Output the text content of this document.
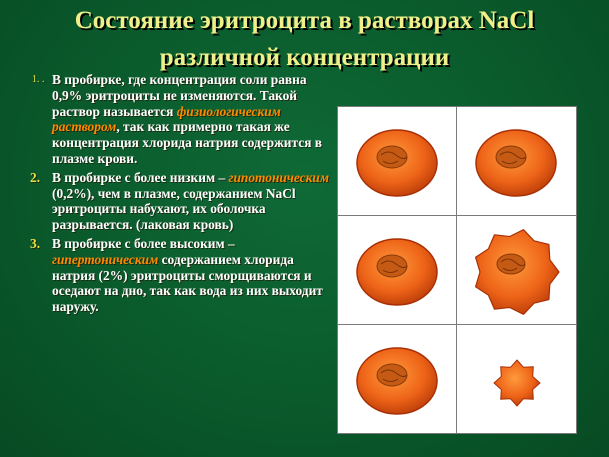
Состояние эритроцита в растворах NaCl
различной концентрации
1. . В пробирке, где концентрация соли равна 0,9% эритроциты не изменяются. Такой раствор называется физиологическим раствором, так как примерно такая же концентрация хлорида натрия содержится в плазме крови.
2. В пробирке с более низким – гипотоническим (0,2%), чем в плазме, содержанием NaCl эритроциты набухают, их оболочка разрывается. (лаковая кровь)
3. В пробирке с более высоким – гипертоническим содержанием хлорида натрия (2%) эритроциты сморщиваются и оседают на дно, так как вода из них выходит наружу.
